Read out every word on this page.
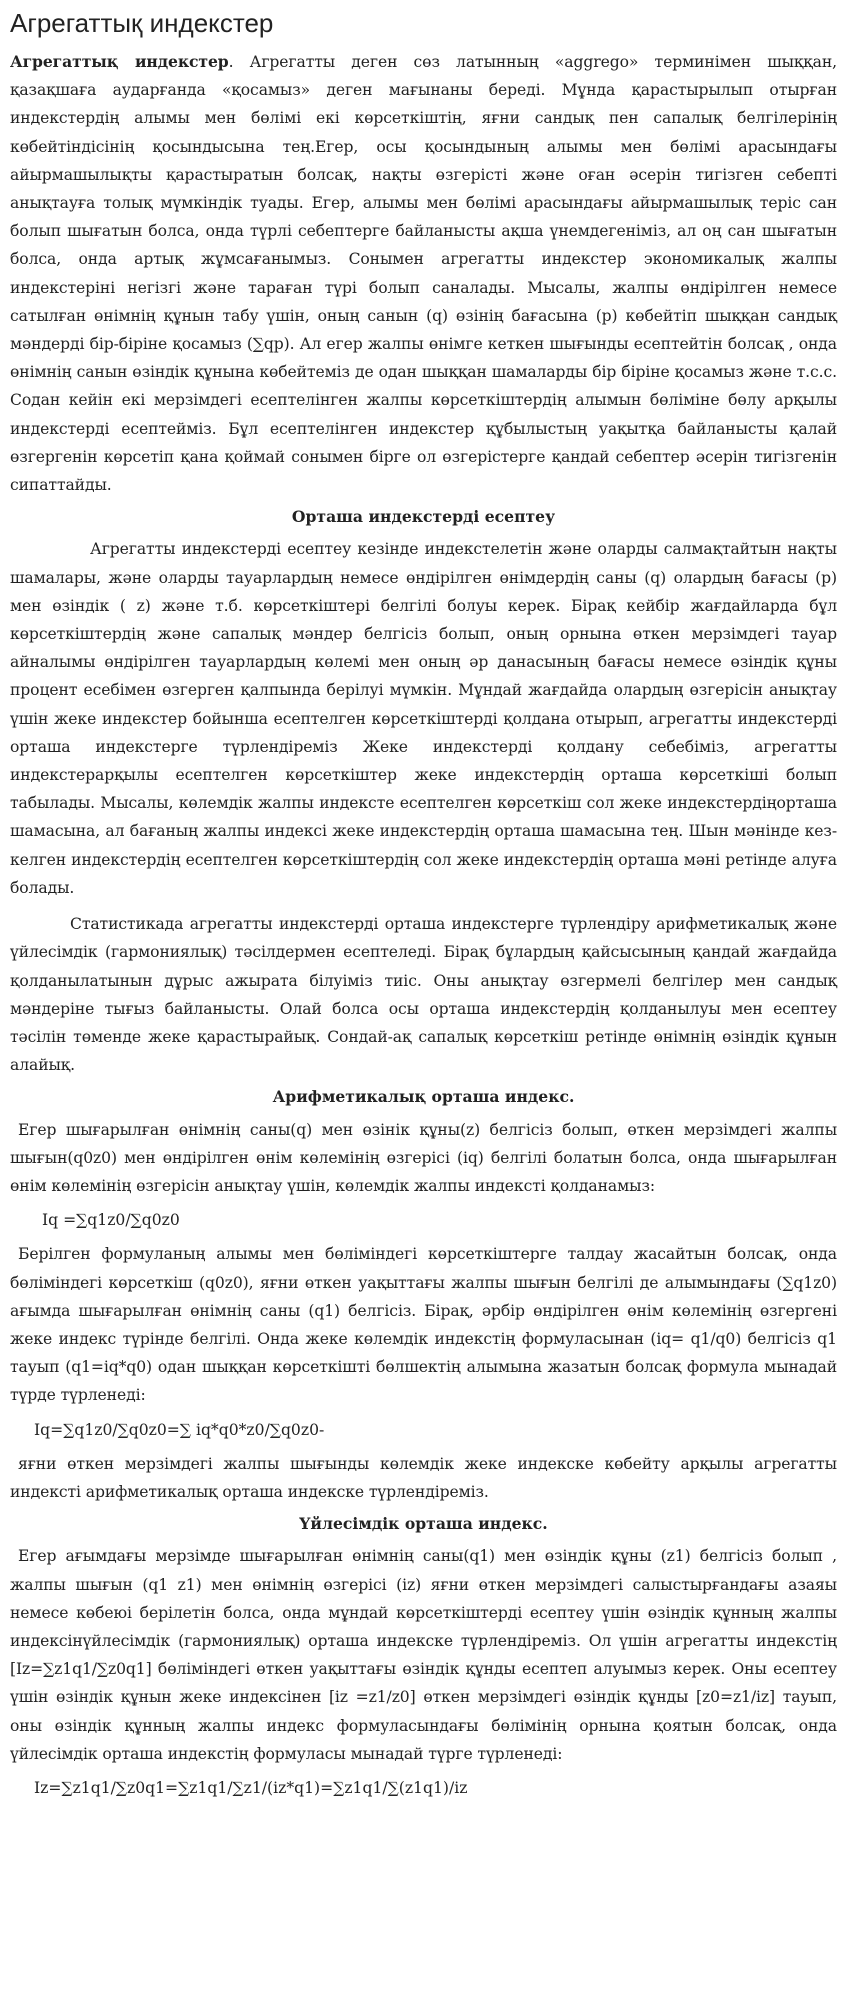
Агрегаттық индекстер

Агрегаттық индекстер. Агрегатты деген сөз латынның «aggrego» терминімен шыққан, қазақшаға аударғанда «қосамыз» деген мағынаны береді. Мұнда қарастырылып отырған индекстердің алымы мен бөлімі екі көрсеткіштің, яғни сандық пен сапалық белгілерінің көбейтіндісінің қосындысына тең.Егер, осы қосындының алымы мен бөлімі арасындағы айырмашылықты қарастыратын болсақ, нақты өзгерісті және оған әсерін тигізген себепті анықтауға толық мүмкіндік туады. Егер, алымы мен бөлімі арасындағы айырмашылық теріс сан болып шығатын болса, онда түрлі себептерге байланысты ақша үнемдегеніміз, ал оң сан шығатын болса, онда артық жұмсағанымыз. Сонымен агрегатты индекстер экономикалық жалпы индекстеріні негізгі және тараған түрі болып саналады. Мысалы, жалпы өндірілген немесе сатылған өнімнің құнын табу үшін, оның санын (q) өзінің бағасына (p) көбейтіп шыққан сандық мәндерді бір-біріне қосамыз (∑qp). Ал егер жалпы өнімге кеткен шығынды есептейтін болсақ , онда өнімнің санын өзіндік құнына көбейтеміз де одан шыққан шамаларды бір біріне қосамыз және т.с.с. Содан кейін екі мерзімдегі есептелінген жалпы көрсеткіштердің алымын бөліміне бөлу арқылы индекстерді есептейміз. Бұл есептелінген индекстер құбылыстың уақытқа байланысты қалай өзгергенін көрсетіп қана қоймай сонымен бірге ол өзгерістерге қандай себептер әсерін тигізгенін сипаттайды.

Орташа индекстерді есептеу

Агрегатты индекстерді есептеу кезінде индекстелетін және оларды салмақтайтын нақты шамалары, және оларды тауарлардың немесе өндірілген өнімдердің саны (q) олардың бағасы (p) мен өзіндік ( z) және т.б. көрсеткіштері белгілі болуы керек. Бірақ кейбір жағдайларда бұл көрсеткіштердің және сапалық мәндер белгісіз болып, оның орнына өткен мерзімдегі тауар айналымы өндірілген тауарлардың көлемі мен оның әр данасының бағасы немесе өзіндік құны процент есебімен өзгерген қалпында берілуі мүмкін. Мұндай жағдайда олардың өзгерісін анықтау үшін жеке индекстер бойынша есептелген көрсеткіштерді қолдана отырып, агрегатты индекстерді орташа индекстерге түрлендіреміз Жеке индекстерді қолдану себебіміз, агрегатты индекстерарқылы есептелген көрсеткіштер жеке индекстердің орташа көрсеткіші болып табылады. Мысалы, көлемдік жалпы индексте есептелген көрсеткіш сол жеке индекстердіңорташа шамасына, ал бағаның жалпы индексі жеке индекстердің орташа шамасына тең. Шын мәнінде кез-келген индекстердің есептелген көрсеткіштердің сол жеке индекстердің орташа мәні ретінде алуға болады.

Статистикада агрегатты индекстерді орташа индекстерге түрлендіру арифметикалық және үйлесімдік (гармониялық) тәсілдермен есептеледі. Бірақ бұлардың қайсысының қандай жағдайда қолданылатынын дұрыс ажырата білуіміз тиіс. Оны анықтау өзгермелі белгілер мен сандық мәндеріне тығыз байланысты. Олай болса осы орташа индекстердің қолданылуы мен есептеу тәсілін төменде жеке қарастырайық. Сондай-ақ сапалық көрсеткіш ретінде өнімнің өзіндік құнын алайық.

Арифметикалық орташа индекс.

Егер шығарылған өнімнің саны(q) мен өзінік құны(z) белгісіз болып, өткен мерзімдегі жалпы шығын(q0z0) мен өндірілген өнім көлемінің өзгерісі (iq) белгілі болатын болса, онда шығарылған өнім көлемінің өзгерісін анықтау үшін, көлемдік жалпы индексті қолданамыз:

Iq =∑q1z0/∑q0z0

Берілген формуланың алымы мен бөліміндегі көрсеткіштерге талдау жасайтын болсақ, онда бөліміндегі көрсеткіш (q0z0), яғни өткен уақыттағы жалпы шығын белгілі де алымындағы (∑q1z0) ағымда шығарылған өнімнің саны (q1) белгісіз. Бірақ, әрбір өндірілген өнім көлемінің өзгергені жеке индекс түрінде белгілі. Онда жеке көлемдік индекстің формуласынан (iq= q1/q0) белгісіз q1 тауып (q1=iq*q0) одан шыққан көрсеткішті бөлшектің алымына жазатын болсақ формула мынадай түрде түрленеді:

Iq=∑q1z0/∑q0z0=∑ iq*q0*z0/∑q0z0-

яғни өткен мерзімдегі жалпы шығынды көлемдік жеке индекске көбейту арқылы агрегатты индексті арифметикалық орташа индекске түрлендіреміз.

Үйлесімдік орташа индекс.

Егер ағымдағы мерзімде шығарылған өнімнің саны(q1) мен өзіндік құны (z1) белгісіз болып , жалпы шығын (q1 z1) мен өнімнің өзгерісі (iz) яғни өткен мерзімдегі салыстырғандағы азаяы немесе көбеюі берілетін болса, онда мұндай көрсеткіштерді есептеу үшін өзіндік құнның жалпы индексінүйлесімдік (гармониялық) орташа индекске түрлендіреміз. Ол үшін агрегатты индекстің [Iz=∑z1q1/∑z0q1] бөліміндегі өткен уақыттағы өзіндік құнды есептеп алуымыз керек. Оны есептеу үшін өзіндік құнын жеке индексінен [iz =z1/z0] өткен мерзімдегі өзіндік құнды [z0=z1/iz] тауып, оны өзіндік құнның жалпы индекс формуласындағы бөлімінің орнына қоятын болсақ, онда үйлесімдік орташа индекстің формуласы мынадай түрге түрленеді:

Iz=∑z1q1/∑z0q1=∑z1q1/∑z1/(iz*q1)=∑z1q1/∑(z1q1)/iz
